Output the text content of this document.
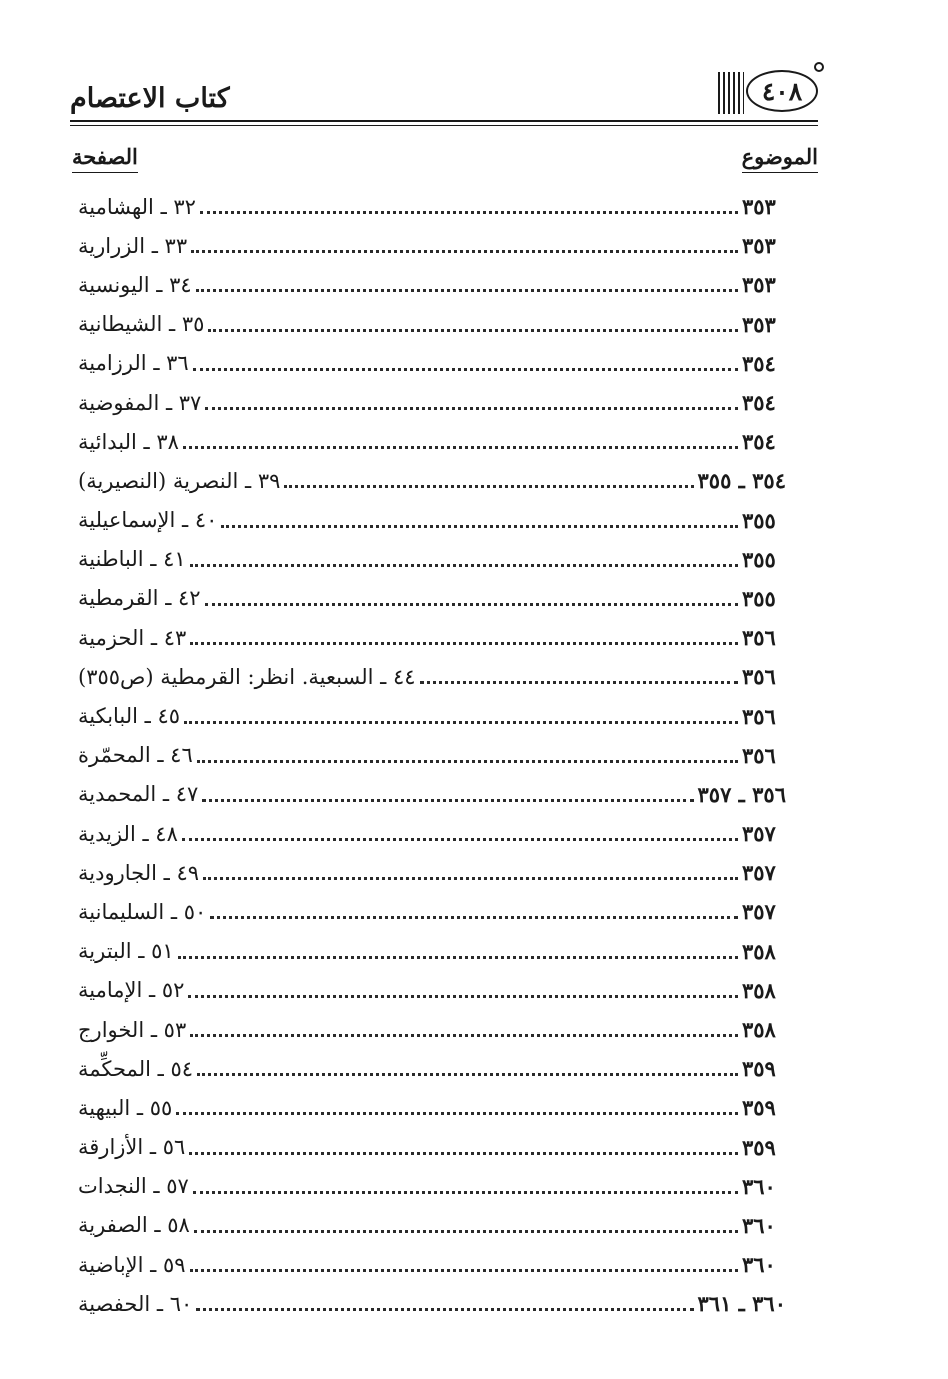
كتاب الاعتصام	٤٠٨
الموضوع
الصفحة
٣٢ ـ الهشامية	٣٥٣
٣٣ ـ الزرارية	٣٥٣
٣٤ ـ اليونسية	٣٥٣
٣٥ ـ الشيطانية	٣٥٣
٣٦ ـ الرزامية	٣٥٤
٣٧ ـ المفوضية	٣٥٤
٣٨ ـ البدائية	٣٥٤
٣٩ ـ النصرية (النصيرية)	٣٥٤ ـ ٣٥٥
٤٠ ـ الإسماعيلية	٣٥٥
٤١ ـ الباطنية	٣٥٥
٤٢ ـ القرمطية	٣٥٥
٤٣ ـ الحزمية	٣٥٦
٤٤ ـ السبعية. انظر: القرمطية (ص٣٥٥)	٣٥٦
٤٥ ـ البابكية	٣٥٦
٤٦ ـ المحمّرة	٣٥٦
٤٧ ـ المحمدية	٣٥٦ ـ ٣٥٧
٤٨ ـ الزيدية	٣٥٧
٤٩ ـ الجارودية	٣٥٧
٥٠ ـ السليمانية	٣٥٧
٥١ ـ البترية	٣٥٨
٥٢ ـ الإمامية	٣٥٨
٥٣ ـ الخوارج	٣٥٨
٥٤ ـ المحكِّمة	٣٥٩
٥٥ ـ البيهية	٣٥٩
٥٦ ـ الأزارقة	٣٥٩
٥٧ ـ النجدات	٣٦٠
٥٨ ـ الصفرية	٣٦٠
٥٩ ـ الإباضية	٣٦٠
٦٠ ـ الحفصية	٣٦٠ ـ ٣٦١
